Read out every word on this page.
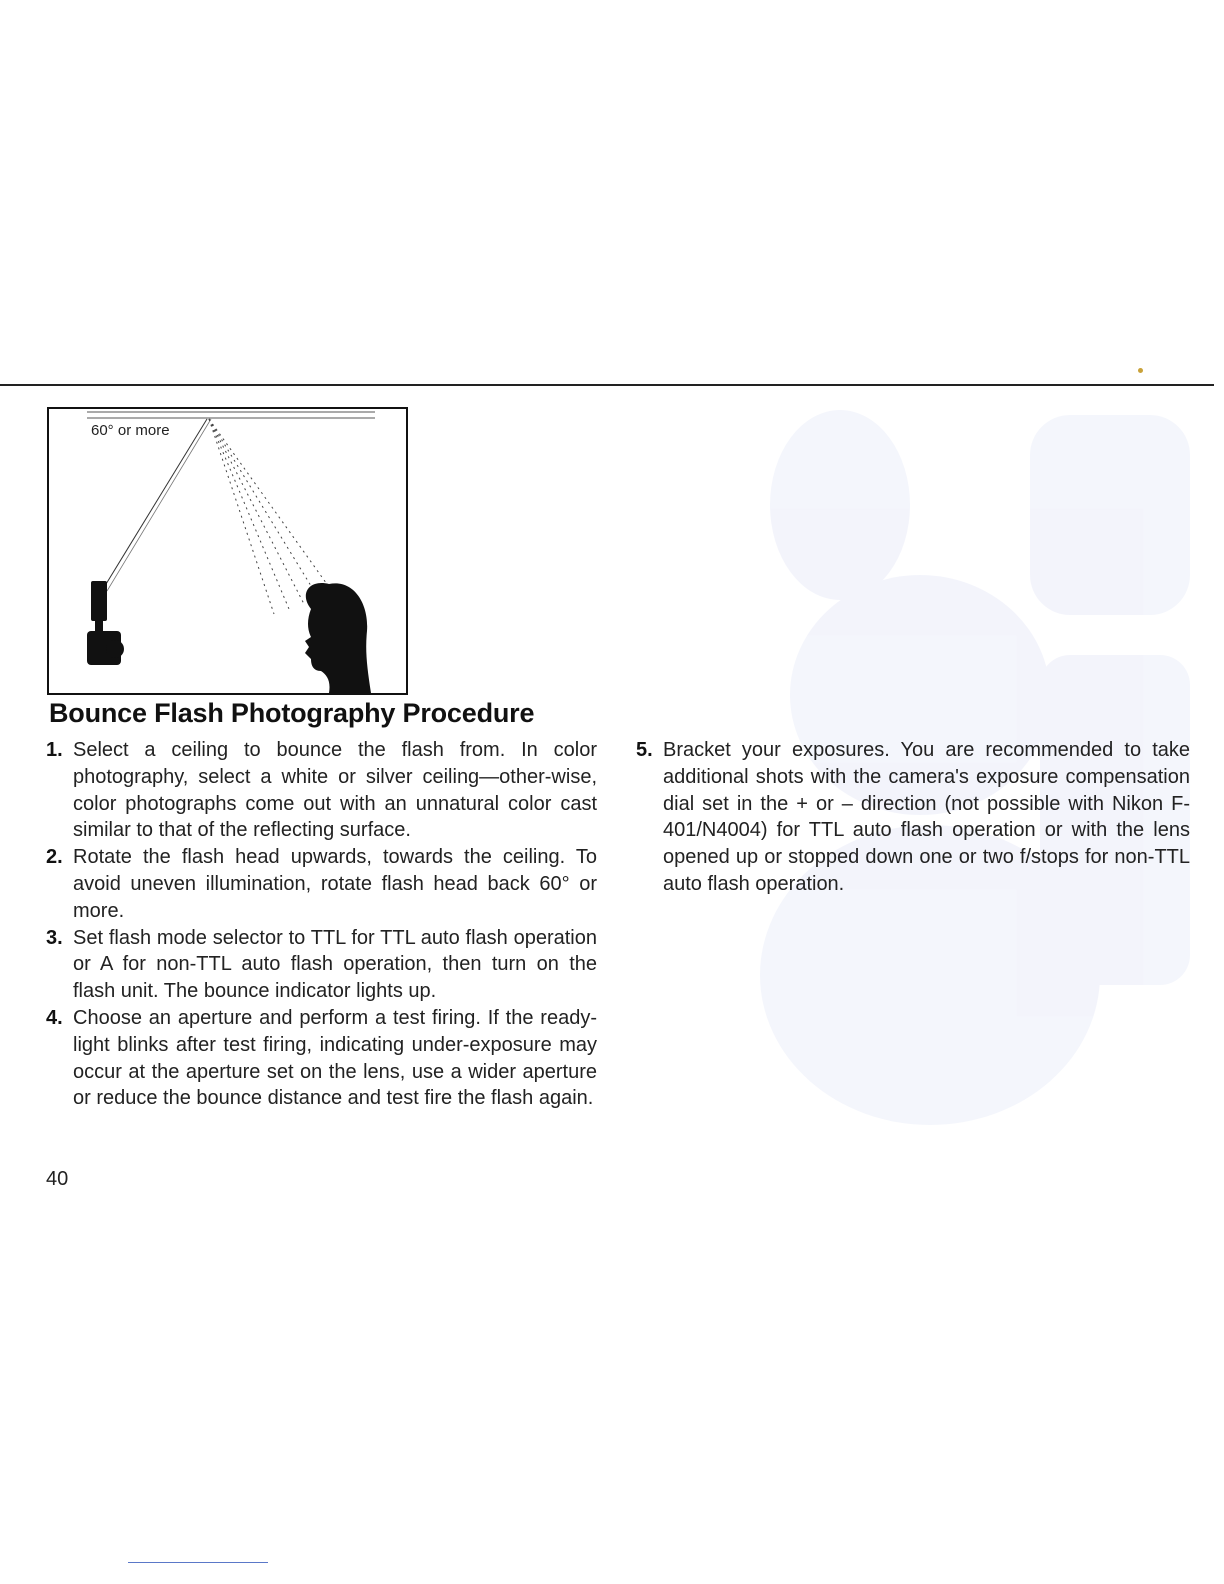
60° or more
Bounce Flash Photography Procedure
1. Select a ceiling to bounce the flash from. In color photography, select a white or silver ceiling—other-wise, color photographs come out with an unnatural color cast similar to that of the reflecting surface.
2. Rotate the flash head upwards, towards the ceiling. To avoid uneven illumination, rotate flash head back 60° or more.
3. Set flash mode selector to TTL for TTL auto flash operation or A for non-TTL auto flash operation, then turn on the flash unit. The bounce indicator lights up.
4. Choose an aperture and perform a test firing. If the ready-light blinks after test firing, indicating under-exposure may occur at the aperture set on the lens, use a wider aperture or reduce the bounce distance and test fire the flash again.
5. Bracket your exposures. You are recommended to take additional shots with the camera's exposure compensation dial set in the + or – direction (not possible with Nikon F-401/N4004) for TTL auto flash operation or with the lens opened up or stopped down one or two f/stops for non-TTL auto flash operation.
40
